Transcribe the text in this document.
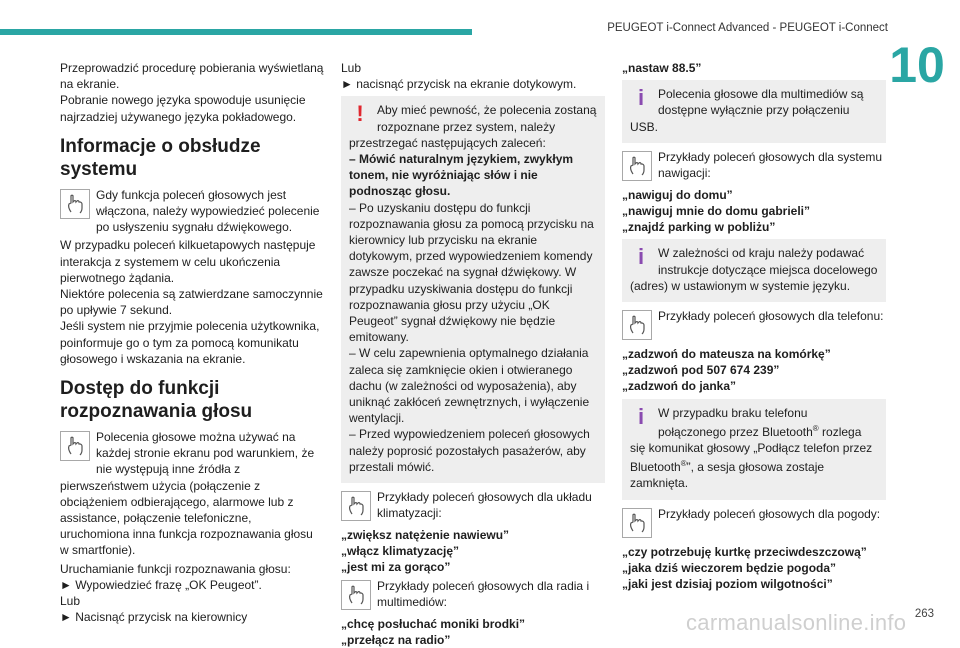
PEUGEOT i-Connect Advanced - PEUGEOT i-Connect
10

Przeprowadzić procedurę pobierania wyświetlaną na ekranie.

Pobranie nowego języka spowoduje usunięcie najrzadziej używanego języka pokładowego.

Informacje o obsłudze systemu
Gdy funkcja poleceń głosowych jest włączona, należy wypowiedzieć polecenie po usłyszeniu sygnału dźwiękowego.

W przypadku poleceń kilkuetapowych następuje interakcja z systemem w celu ukończenia pierwotnego żądania.

Niektóre polecenia są zatwierdzane samoczynnie po upływie 7 sekund.

Jeśli system nie przyjmie polecenia użytkownika, poinformuje go o tym za pomocą komunikatu głosowego i wskazania na ekranie.

Dostęp do funkcji rozpoznawania głosu
Polecenia głosowe można używać na każdej stronie ekranu pod warunkiem, że nie występują inne źródła z pierwszeństwem użycia (połączenie z obciążeniem odbierającego, alarmowe lub z assistance, połączenie telefoniczne, uruchomiona inna funkcja rozpoznawania głosu w smartfonie).

Uruchamianie funkcji rozpoznawania głosu:

► Wypowiedzieć frazę „OK Peugeot”.

Lub

► Nacisnąć przycisk na kierownicy

Lub

► nacisnąć przycisk na ekranie dotykowym.

!	Aby mieć pewność, że polecenia zostaną rozpoznane przez system, należy przestrzegać następujących zaleceń:

– Mówić naturalnym językiem, zwykłym tonem, nie wyróżniając słów i nie podnosząc głosu.

– Po uzyskaniu dostępu do funkcji rozpoznawania głosu za pomocą przycisku na kierownicy lub przycisku na ekranie dotykowym, przed wypowiedzeniem komendy zawsze poczekać na sygnał dźwiękowy. W przypadku uzyskiwania dostępu do funkcji rozpoznawania głosu przy użyciu „OK Peugeot” sygnał dźwiękowy nie będzie emitowany.

– W celu zapewnienia optymalnego działania zaleca się zamknięcie okien i otwieranego dachu (w zależności od wyposażenia), aby uniknąć zakłóceń zewnętrznych, i wyłączenie wentylacji.

– Przed wypowiedzeniem poleceń głosowych należy poprosić pozostałych pasażerów, aby przestali mówić.

Przykłady poleceń głosowych dla układu klimatyzacji:

„zwiększ natężenie nawiewu”

„włącz klimatyzację”

„jest mi za gorąco”

Przykłady poleceń głosowych dla radia i multimediów:

„chcę posłuchać moniki brodki”

„przełącz na radio”

„nastaw 88.5”

i	Polecenia głosowe dla multimediów są dostępne wyłącznie przy połączeniu USB.

Przykłady poleceń głosowych dla systemu nawigacji:

„nawiguj do domu”

„nawiguj mnie do domu gabrieli”

„znajdź parking w pobliżu”

i	W zależności od kraju należy podawać instrukcje dotyczące miejsca docelowego (adres) w ustawionym w systemie języku.

Przykłady poleceń głosowych dla telefonu:

„zadzwoń do mateusza na komórkę”

„zadzwoń pod 507 674 239”

„zadzwoń do janka”

i	W przypadku braku telefonu połączonego przez Bluetooth® rozlega się komunikat głosowy „Podłącz telefon przez Bluetooth®”, a sesja głosowa zostaje zamknięta.

Przykłady poleceń głosowych dla pogody:

„czy potrzebuję kurtkę przeciwdeszczową”

„jaka dziś wieczorem będzie pogoda”

„jaki jest dzisiaj poziom wilgotności”

carmanualsonline.info 263
